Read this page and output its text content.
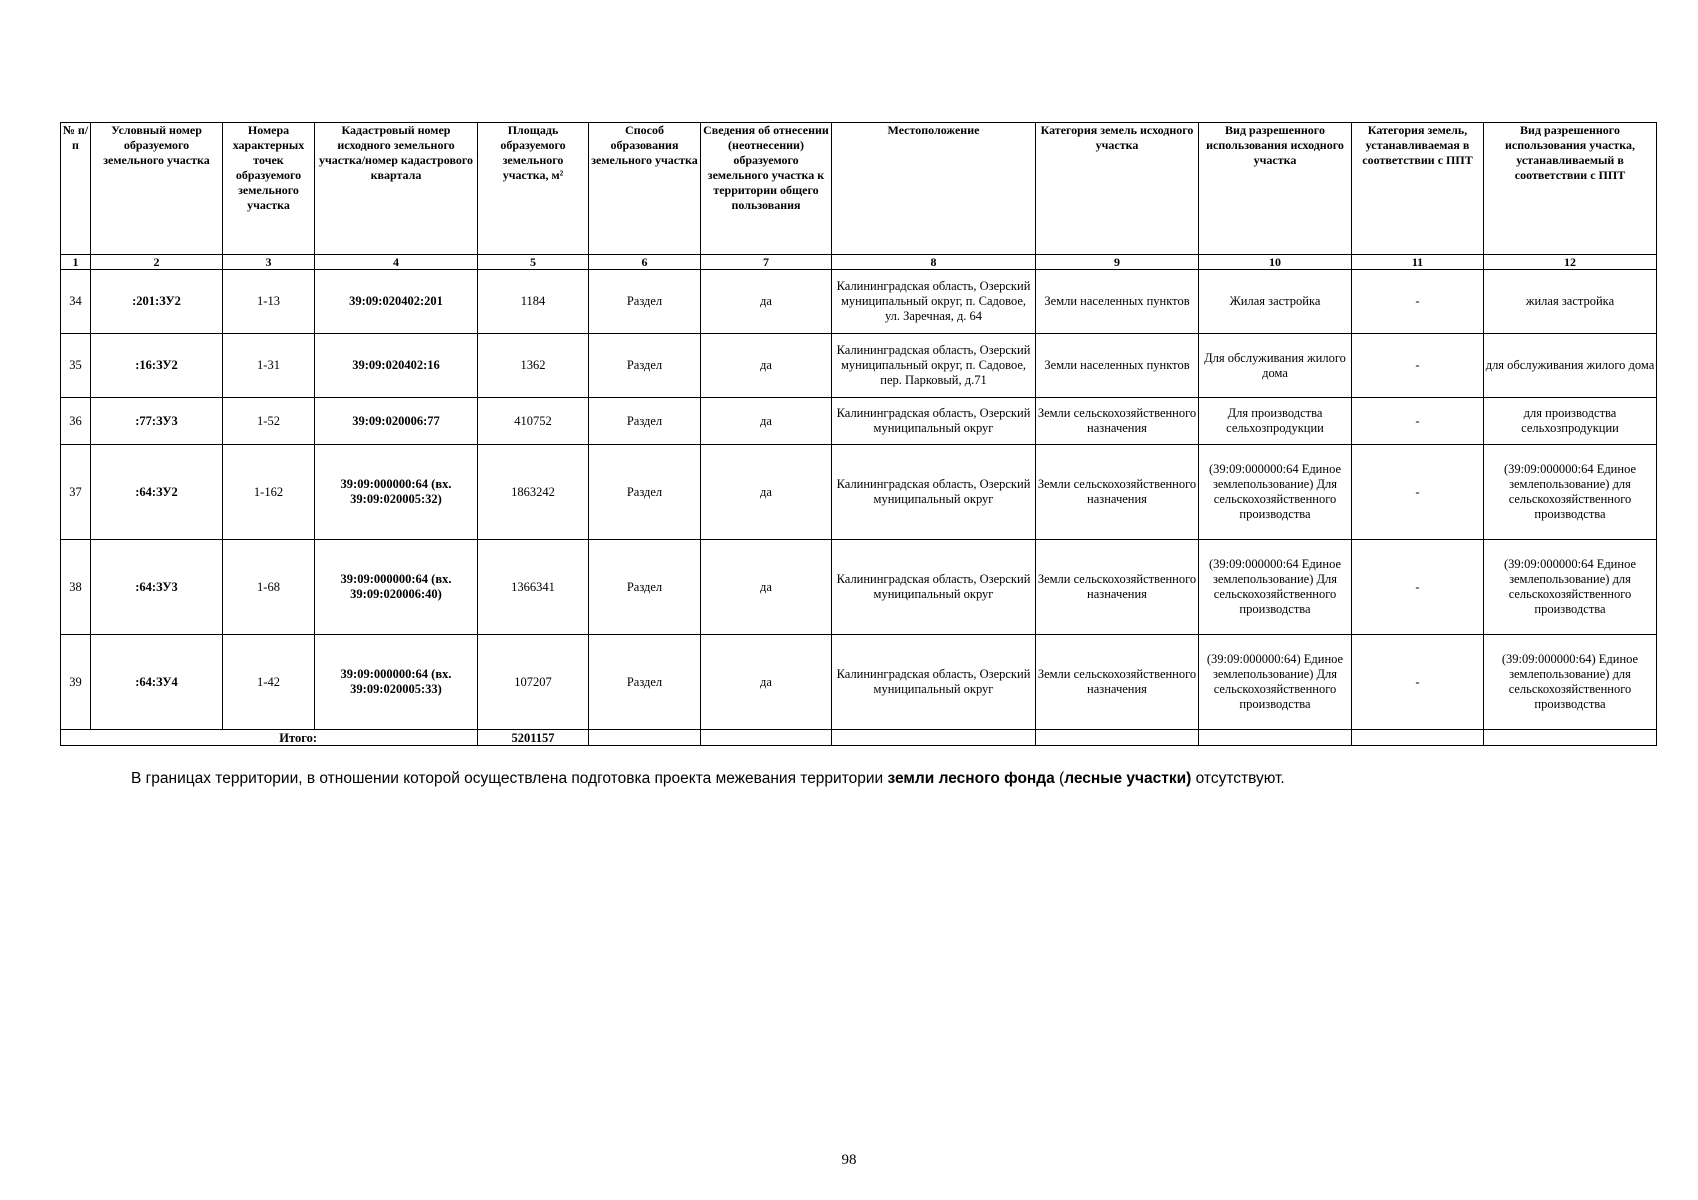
№ п/п	Условный номер образуемого земельного участка	Номера характерных точек образуемого земельного участка	Кадастровый номер исходного земельного участка/номер кадастрового квартала	Площадь образуемого земельного участка, м²	Способ образования земельного участка	Сведения об отнесении (неотнесении) образуемого земельного участка к территории общего пользования	Местоположение	Категория земель исходного участка	Вид разрешенного использования исходного участка	Категория земель, устанавливаемая в соответствии с ППТ	Вид разрешенного использования участка, устанавливаемый в соответствии с ППТ
1	2	3	4	5	6	7	8	9	10	11	12
34	:201:ЗУ2	1-13	39:09:020402:201	1184	Раздел	да	Калининградская область, Озерский муниципальный округ, п. Садовое, ул. Заречная, д. 64	Земли населенных пунктов	Жилая застройка	-	жилая застройка
35	:16:ЗУ2	1-31	39:09:020402:16	1362	Раздел	да	Калининградская область, Озерский муниципальный округ, п. Садовое, пер. Парковый, д.71	Земли населенных пунктов	Для обслуживания жилого дома	-	для обслуживания жилого дома
36	:77:ЗУ3	1-52	39:09:020006:77	410752	Раздел	да	Калининградская область, Озерский муниципальный округ	Земли сельскохозяйственного назначения	Для производства сельхозпродукции	-	для производства сельхозпродукции
37	:64:ЗУ2	1-162	39:09:000000:64 (вх. 39:09:020005:32)	1863242	Раздел	да	Калининградская область, Озерский муниципальный округ	Земли сельскохозяйственного назначения	(39:09:000000:64 Единое землепользование) Для сельскохозяйственного производства	-	(39:09:000000:64 Единое землепользование) для сельскохозяйственного производства
38	:64:ЗУ3	1-68	39:09:000000:64 (вх. 39:09:020006:40)	1366341	Раздел	да	Калининградская область, Озерский муниципальный округ	Земли сельскохозяйственного назначения	(39:09:000000:64 Единое землепользование) Для сельскохозяйственного производства	-	(39:09:000000:64 Единое землепользование) для сельскохозяйственного производства
39	:64:ЗУ4	1-42	39:09:000000:64 (вх. 39:09:020005:33)	107207	Раздел	да	Калининградская область, Озерский муниципальный округ	Земли сельскохозяйственного назначения	(39:09:000000:64) Единое землепользование) Для сельскохозяйственного производства	-	(39:09:000000:64) Единое землепользование) для сельскохозяйственного производства
Итого:				5201157							
В границах территории, в отношении которой осуществлена подготовка проекта межевания территории земли лесного фонда (лесные участки) отсутствуют.
98
